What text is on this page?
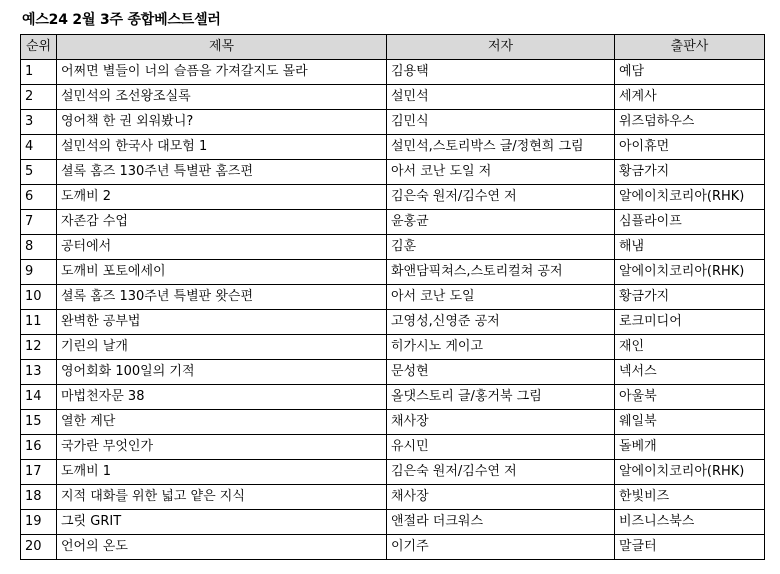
예스24 2월 3주 종합베스트셀러
순위	제목	저자	출판사
1	어쩌면 별들이 너의 슬픔을 가져갈지도 몰라	김용택	예담
2	설민석의 조선왕조실록	설민석	세계사
3	영어책 한 권 외워봤니?	김민식	위즈덤하우스
4	설민석의 한국사 대모험 1	설민석,스토리박스 글/정현희 그림	아이휴먼
5	셜록 홈즈 130주년 특별판 홈즈편	아서 코난 도일 저	황금가지
6	도깨비 2	김은숙 원저/김수연 저	알에이치코리아(RHK)
7	자존감 수업	윤홍균	심플라이프
8	공터에서	김훈	해냄
9	도깨비 포토에세이	화앤담픽쳐스,스토리컬쳐 공저	알에이치코리아(RHK)
10	셜록 홈즈 130주년 특별판 왓슨편	아서 코난 도일	황금가지
11	완벽한 공부법	고영성,신영준 공저	로크미디어
12	기린의 날개	히가시노 게이고	재인
13	영어회화 100일의 기적	문성현	넥서스
14	마법천자문 38	올댓스토리 글/홍거북 그림	아울북
15	열한 계단	채사장	웨일북
16	국가란 무엇인가	유시민	돌베개
17	도깨비 1	김은숙 원저/김수연 저	알에이치코리아(RHK)
18	지적 대화를 위한 넓고 얕은 지식	채사장	한빛비즈
19	그릿 GRIT	앤절라 더크워스	비즈니스북스
20	언어의 온도	이기주	말글터
